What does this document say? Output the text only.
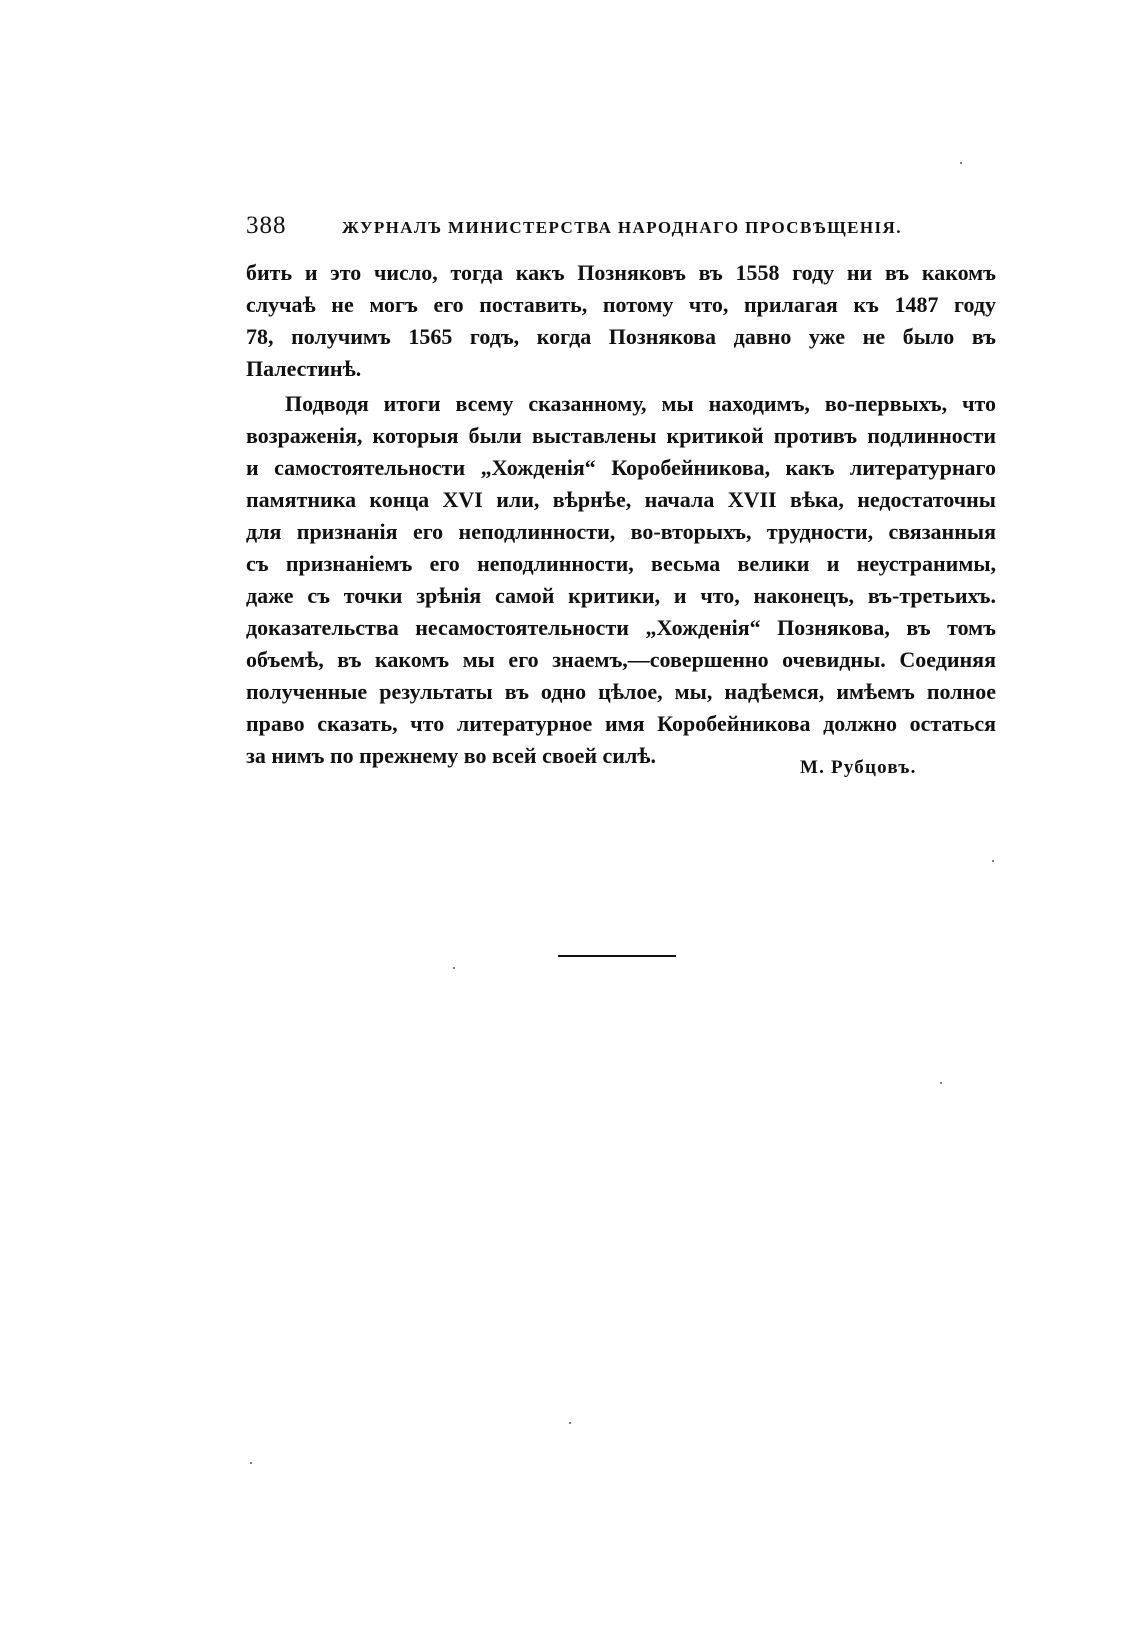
388	ЖУРНАЛЪ МИНИСТЕРСТВА НАРОДНАГО ПРОСВѢЩЕНІЯ.
бить и это число, тогда какъ Позняковъ въ 1558 году ни въ какомъ
случаѣ не могъ его поставить, потому что, прилагая къ 1487 году
78, получимъ 1565 годъ, когда Познякова давно уже не было въ
Палестинѣ.
Подводя итоги всему сказанному, мы находимъ, во-первыхъ, что
возраженія, которыя были выставлены критикой противъ подлинности
и самостоятельности „Хожденія“ Коробейникова, какъ литературнаго
памятника конца XVI или, вѣрнѣе, начала XVII вѣка, недостаточны
для признанія его неподлинности, во-вторыхъ, трудности, связанныя
съ признаніемъ его неподлинности, весьма велики и неустранимы,
даже съ точки зрѣнія самой критики, и что, наконецъ, въ-третьихъ.
доказательства несамостоятельности „Хожденія“ Познякова, въ томъ
объемѣ, въ какомъ мы его знаемъ,—совершенно очевидны. Соединяя
полученные результаты въ одно цѣлое, мы, надѣемся, имѣемъ полное
право сказать, что литературное имя Коробейникова должно остаться
за нимъ по прежнему во всей своей силѣ.	М. Рубцовъ.
